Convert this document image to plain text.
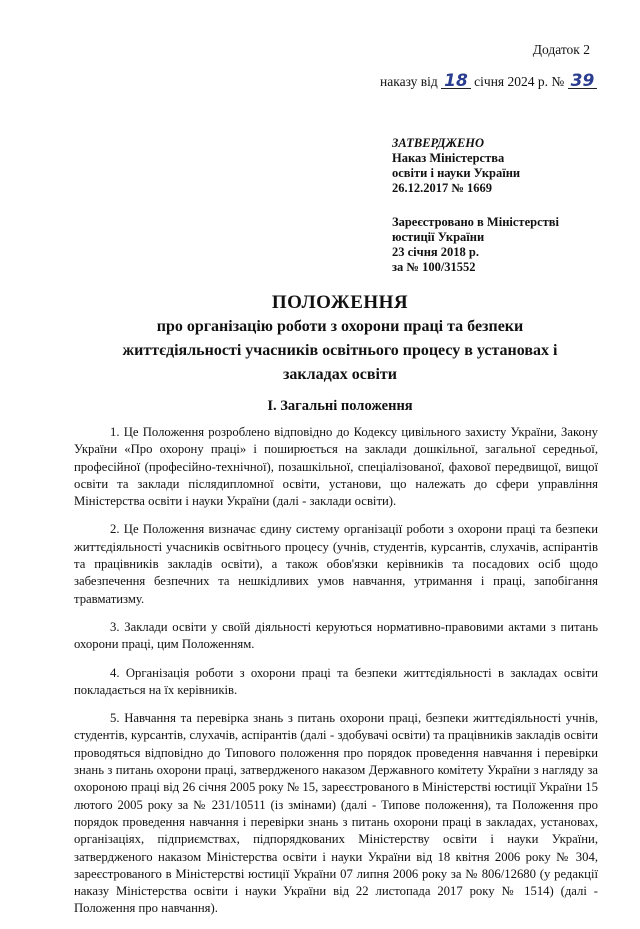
Додаток 2
наказу від 18 січня 2024 р. № 39
ЗАТВЕРДЖЕНО
Наказ Міністерства
освіти і науки України
26.12.2017 № 1669
Зареєстровано в Міністерстві
юстиції України
23 січня 2018 р.
за № 100/31552
ПОЛОЖЕННЯ
про організацію роботи з охорони праці та безпеки
життєдіяльності учасників освітнього процесу в установах і
закладах освіти
I. Загальні положення

1. Це Положення розроблено відповідно до Кодексу цивільного захисту України, Закону України «Про охорону праці» і поширюється на заклади дошкільної, загальної середньої, професійної (професійно-технічної), позашкільної, спеціалізованої, фахової передвищої, вищої освіти та заклади післядипломної освіти, установи, що належать до сфери управління Міністерства освіти і науки України (далі - заклади освіти).

2. Це Положення визначає єдину систему організації роботи з охорони праці та безпеки життєдіяльності учасників освітнього процесу (учнів, студентів, курсантів, слухачів, аспірантів та працівників закладів освіти), а також обов'язки керівників та посадових осіб щодо забезпечення безпечних та нешкідливих умов навчання, утримання і праці, запобігання травматизму.

3. Заклади освіти у своїй діяльності керуються нормативно-правовими актами з питань охорони праці, цим Положенням.

4. Організація роботи з охорони праці та безпеки життєдіяльності в закладах освіти покладається на їх керівників.

5. Навчання та перевірка знань з питань охорони праці, безпеки життєдіяльності учнів, студентів, курсантів, слухачів, аспірантів (далі - здобувачі освіти) та працівників закладів освіти проводяться відповідно до Типового положення про порядок проведення навчання і перевірки знань з питань охорони праці, затвердженого наказом Державного комітету України з нагляду за охороною праці від 26 січня 2005 року № 15, зареєстрованого в Міністерстві юстиції України 15 лютого 2005 року за № 231/10511 (із змінами) (далі - Типове положення), та Положення про порядок проведення навчання і перевірки знань з питань охорони праці в закладах, установах, організаціях, підприємствах, підпорядкованих Міністерству освіти і науки України, затвердженого наказом Міністерства освіти і науки України від 18 квітня 2006 року № 304, зареєстрованого в Міністерстві юстиції України 07 липня 2006 року за № 806/12680 (у редакції наказу Міністерства освіти і науки України від 22 листопада 2017 року № 1514) (далі - Положення про навчання).
